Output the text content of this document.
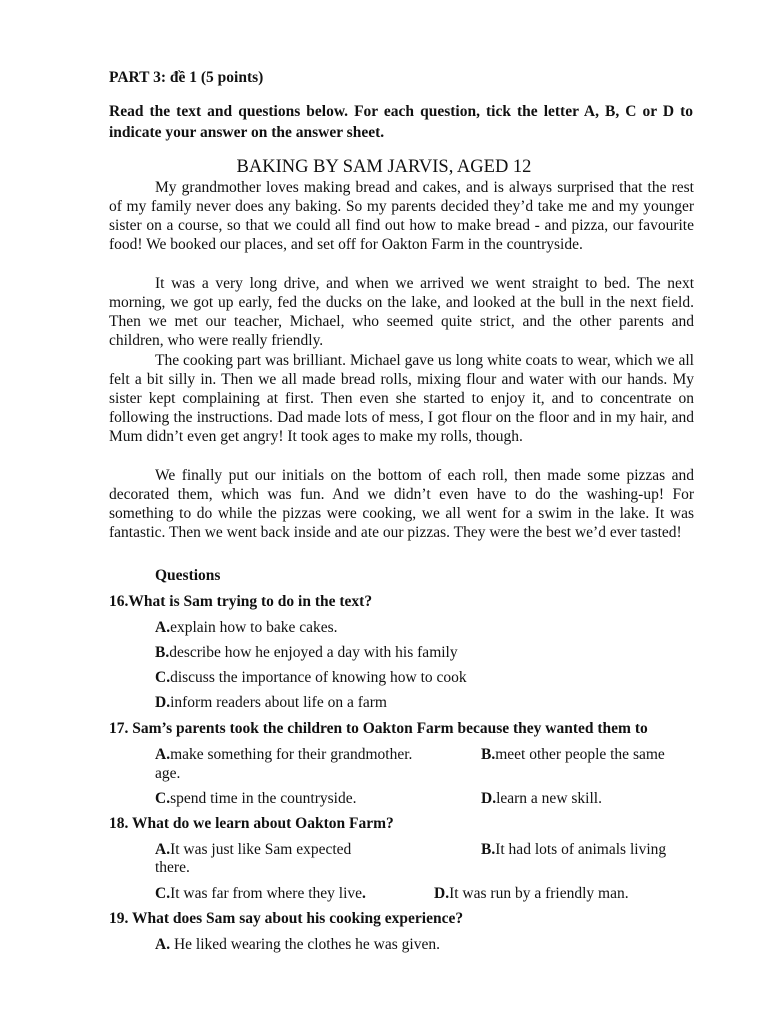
PART 3: đề 1 (5 points)
Read the text and questions below. For each question, tick the letter A, B, C or D to indicate your answer on the answer sheet.
BAKING BY SAM JARVIS, AGED 12
My grandmother loves making bread and cakes, and is always surprised that the rest of my family never does any baking. So my parents decided they’d take me and my younger sister on a course, so that we could all find out how to make bread - and pizza, our favourite food! We booked our places, and set off for Oakton Farm in the countryside.
It was a very long drive, and when we arrived we went straight to bed. The next morning, we got up early, fed the ducks on the lake, and looked at the bull in the next field. Then we met our teacher, Michael, who seemed quite strict, and the other parents and children, who were really friendly.
The cooking part was brilliant. Michael gave us long white coats to wear, which we all felt a bit silly in. Then we all made bread rolls, mixing flour and water with our hands. My sister kept complaining at first. Then even she started to enjoy it, and to concentrate on following the instructions. Dad made lots of mess, I got flour on the floor and in my hair, and Mum didn’t even get angry! It took ages to make my rolls, though.
We finally put our initials on the bottom of each roll, then made some pizzas and decorated them, which was fun. And we didn’t even have to do the washing-up! For something to do while the pizzas were cooking, we all went for a swim in the lake. It was fantastic. Then we went back inside and ate our pizzas. They were the best we’d ever tasted!
Questions
16.What is Sam trying to do in the text?
A.explain how to bake cakes.
B.describe how he enjoyed a day with his family
C.discuss the importance of knowing how to cook
D.inform readers about life on a farm
17. Sam’s parents took the children to Oakton Farm because they wanted them to
A.make something for their grandmother.	B.meet other people the same
age.
C.spend time in the countryside.	D.learn a new skill.
18. What do we learn about Oakton Farm?
A.It was just like Sam expected	B.It had lots of animals living
there.
C.It was far from where they live.	D.It was run by a friendly man.
19. What does Sam say about his cooking experience?
A. He liked wearing the clothes he was given.
